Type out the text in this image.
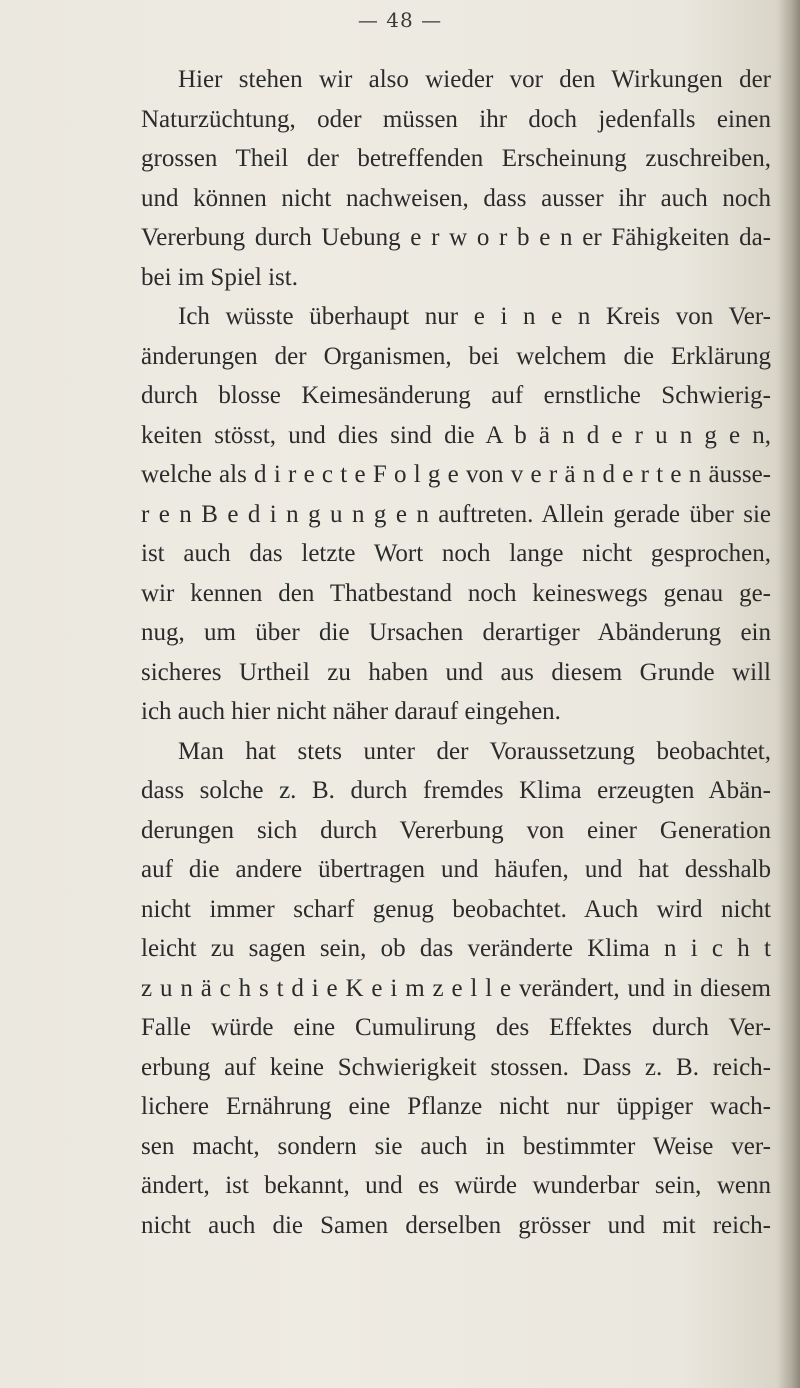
— 48 —
Hier stehen wir also wieder vor den Wirkungen der
Naturzüchtung, oder müssen ihr doch jedenfalls einen
grossen Theil der betreffenden Erscheinung zuschreiben,
und können nicht nachweisen, dass ausser ihr auch noch
Vererbung durch Uebung e r w o r b e n er Fähigkeiten da-
bei im Spiel ist.
Ich wüsste überhaupt nur e i n e n Kreis von Ver-
änderungen der Organismen, bei welchem die Erklärung
durch blosse Keimesänderung auf ernstliche Schwierig-
keiten stösst, und dies sind die A b ä n d e r u n g e n,
welche als d i r e c t e F o l g e von v e r ä n d e r t e n äusse-
r e n B e d i n g u n g e n auftreten. Allein gerade über sie
ist auch das letzte Wort noch lange nicht gesprochen,
wir kennen den Thatbestand noch keineswegs genau ge-
nug, um über die Ursachen derartiger Abänderung ein
sicheres Urtheil zu haben und aus diesem Grunde will
ich auch hier nicht näher darauf eingehen.
Man hat stets unter der Voraussetzung beobachtet,
dass solche z. B. durch fremdes Klima erzeugten Abän-
derungen sich durch Vererbung von einer Generation
auf die andere übertragen und häufen, und hat desshalb
nicht immer scharf genug beobachtet. Auch wird nicht
leicht zu sagen sein, ob das veränderte Klima n i c h t
z u n ä c h s t d i e K e i m z e l l e verändert, und in diesem
Falle würde eine Cumulirung des Effektes durch Ver-
erbung auf keine Schwierigkeit stossen. Dass z. B. reich-
lichere Ernährung eine Pflanze nicht nur üppiger wach-
sen macht, sondern sie auch in bestimmter Weise ver-
ändert, ist bekannt, und es würde wunderbar sein, wenn
nicht auch die Samen derselben grösser und mit reich-
